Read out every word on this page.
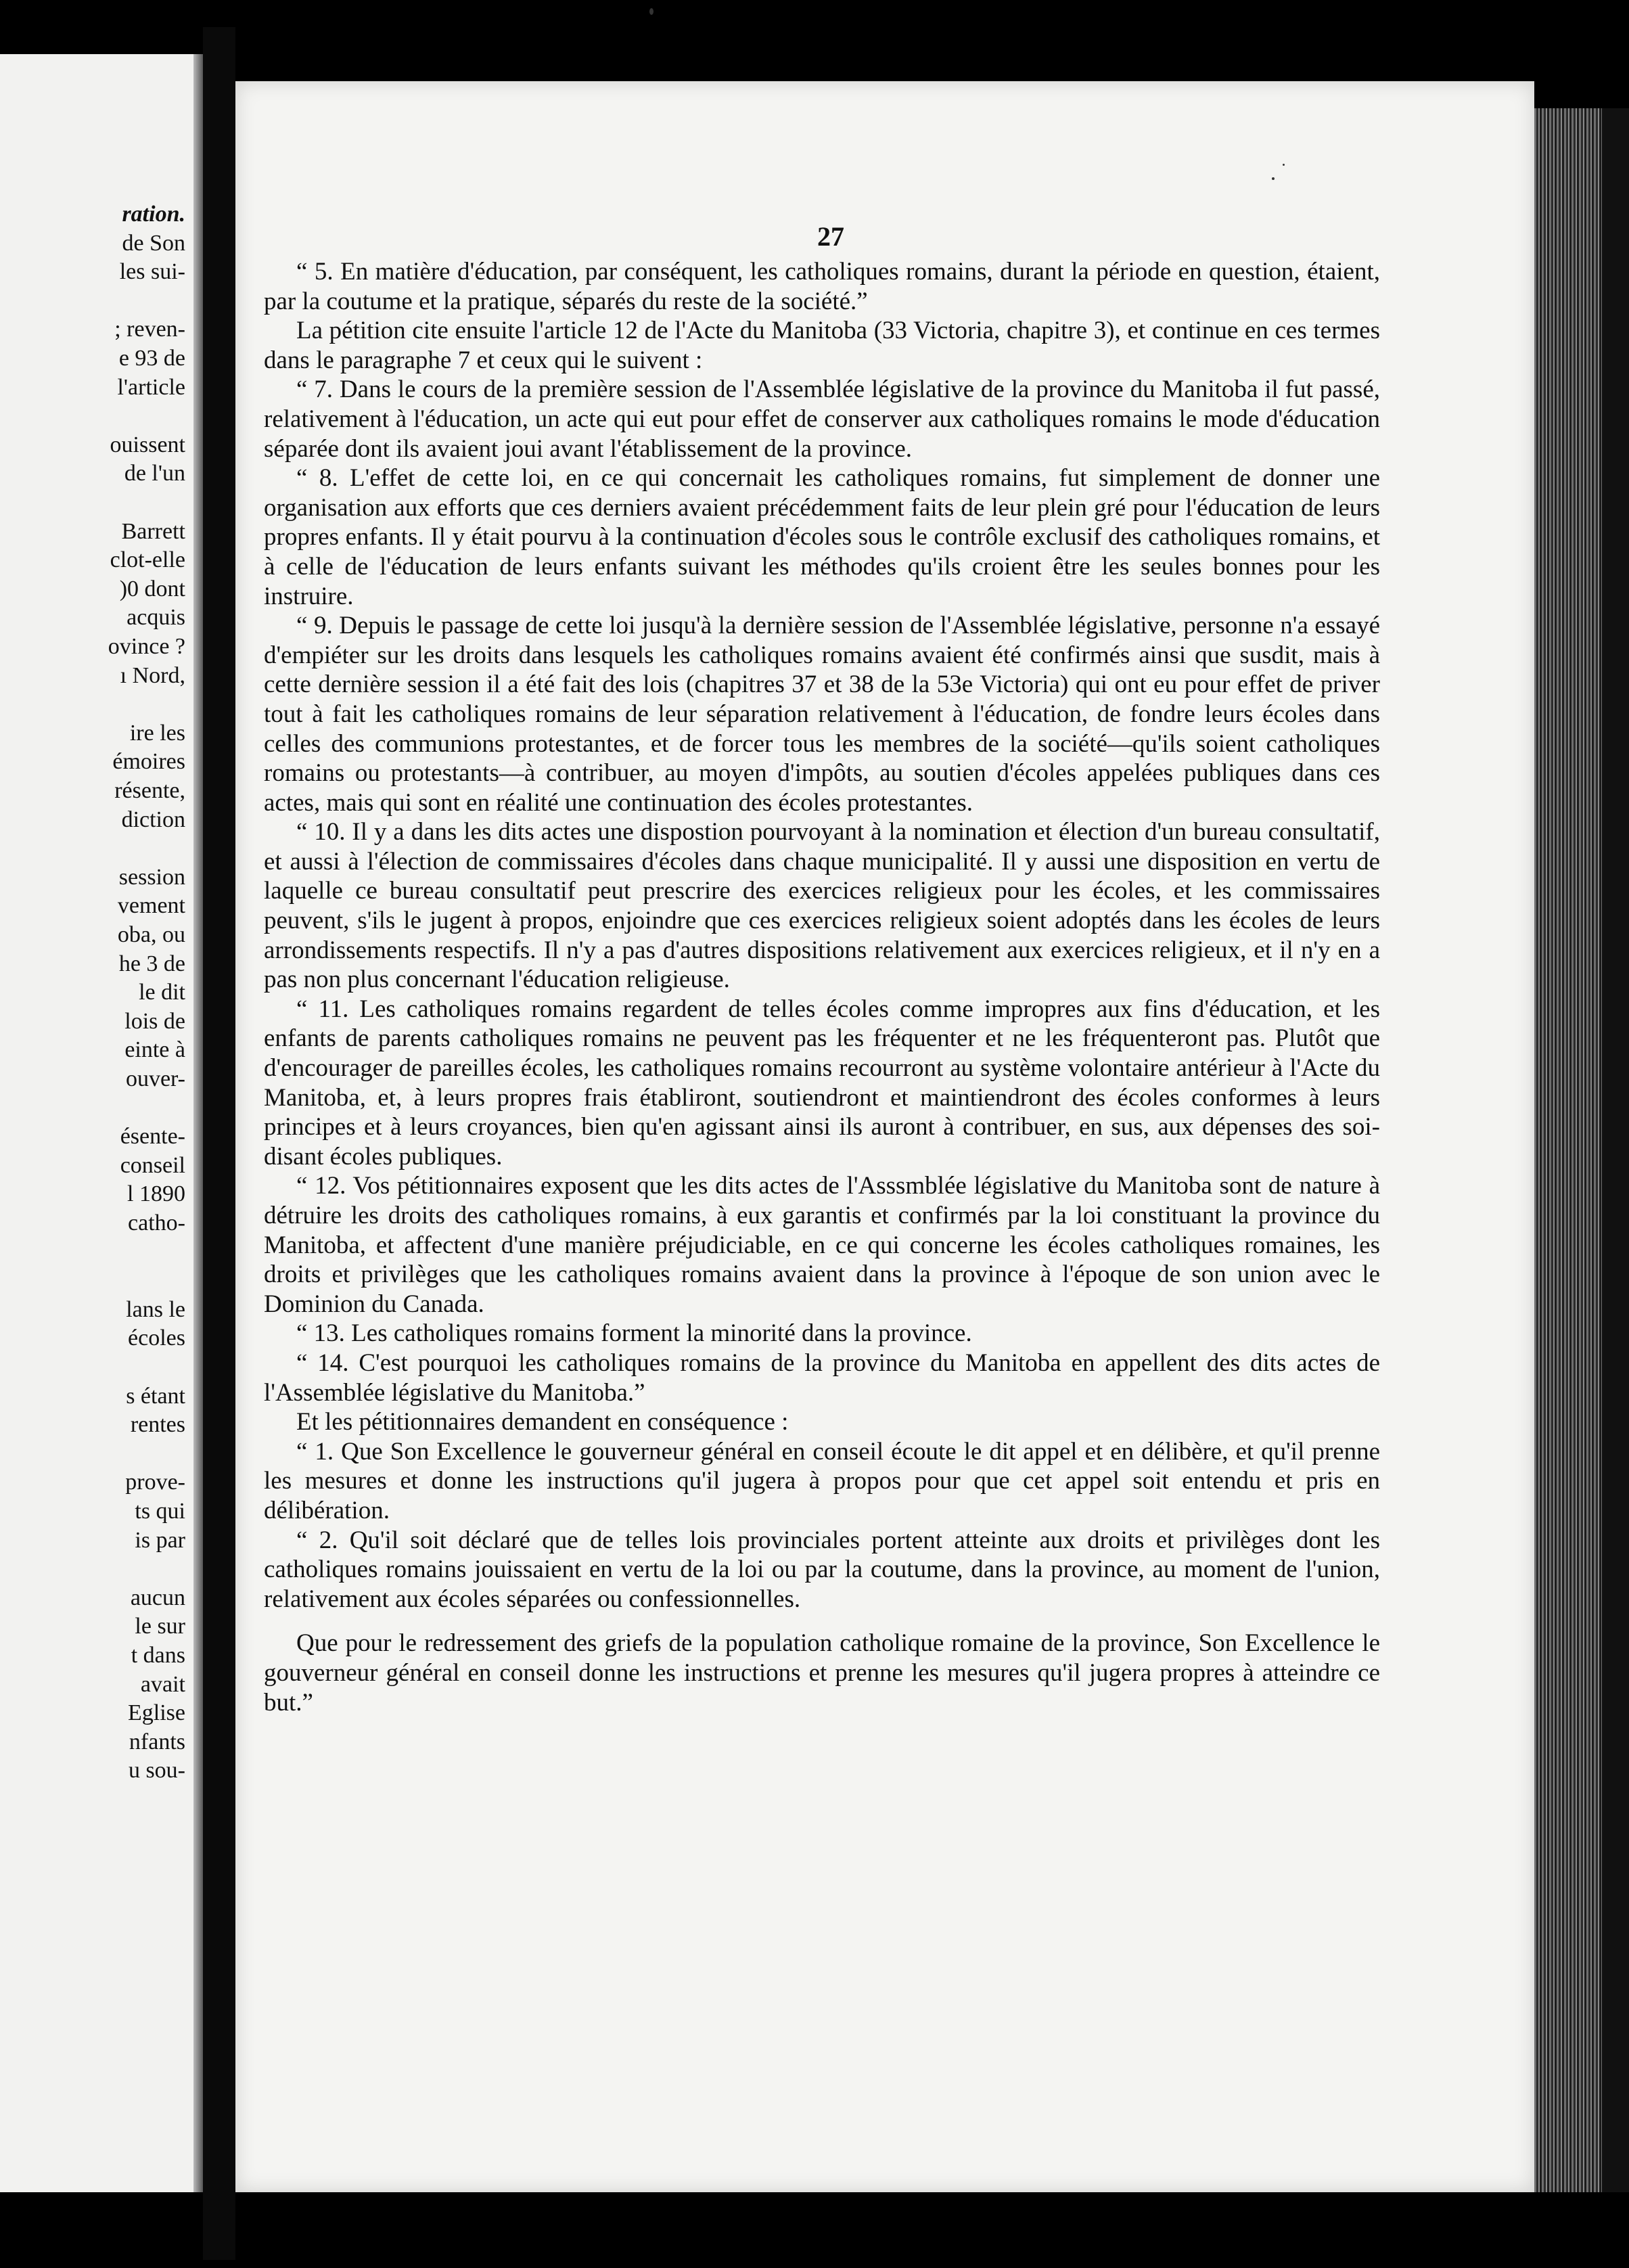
ration.
de Son
les sui-
; reven-
e 93 de
l'article
ouissent
de l'un
Barrett
clot-elle
)0 dont
acquis
ovince ?
ı Nord,
ire les
émoires
résente,
diction
session
vement
oba, ou
he 3 de
le dit
lois de
einte à
ouver-
ésente-
conseil
l 1890
catho-
lans le
écoles
s étant
rentes
prove-
ts qui
is par
aucun
le sur
t dans
avait
Eglise
nfants
u sou-
27

“ 5. En matière d'éducation, par conséquent, les catholiques romains, durant la période en question, étaient, par la coutume et la pratique, séparés du reste de la société.”

La pétition cite ensuite l'article 12 de l'Acte du Manitoba (33 Victoria, chapitre 3), et continue en ces termes dans le paragraphe 7 et ceux qui le suivent :

“ 7. Dans le cours de la première session de l'Assemblée législative de la province du Manitoba il fut passé, relativement à l'éducation, un acte qui eut pour effet de conserver aux catholiques romains le mode d'éducation séparée dont ils avaient joui avant l'établissement de la province.

“ 8. L'effet de cette loi, en ce qui concernait les catholiques romains, fut simplement de donner une organisation aux efforts que ces derniers avaient précédemment faits de leur plein gré pour l'éducation de leurs propres enfants. Il y était pourvu à la continuation d'écoles sous le contrôle exclusif des catholiques romains, et à celle de l'éducation de leurs enfants suivant les méthodes qu'ils croient être les seules bonnes pour les instruire.

“ 9. Depuis le passage de cette loi jusqu'à la dernière session de l'Assemblée législative, personne n'a essayé d'empiéter sur les droits dans lesquels les catholiques romains avaient été confirmés ainsi que susdit, mais à cette dernière session il a été fait des lois (chapitres 37 et 38 de la 53e Victoria) qui ont eu pour effet de priver tout à fait les catholiques romains de leur séparation relativement à l'éducation, de fondre leurs écoles dans celles des communions protestantes, et de forcer tous les membres de la société—qu'ils soient catholiques romains ou protestants—à contribuer, au moyen d'impôts, au soutien d'écoles appelées publiques dans ces actes, mais qui sont en réalité une continuation des écoles protestantes.

“ 10. Il y a dans les dits actes une dispostion pourvoyant à la nomination et élection d'un bureau consultatif, et aussi à l'élection de commissaires d'écoles dans chaque municipalité. Il y aussi une disposition en vertu de laquelle ce bureau consultatif peut prescrire des exercices religieux pour les écoles, et les commissaires peuvent, s'ils le jugent à propos, enjoindre que ces exercices religieux soient adoptés dans les écoles de leurs arrondissements respectifs. Il n'y a pas d'autres dispositions relativement aux exercices religieux, et il n'y en a pas non plus concernant l'éducation religieuse.

“ 11. Les catholiques romains regardent de telles écoles comme impropres aux fins d'éducation, et les enfants de parents catholiques romains ne peuvent pas les fréquenter et ne les fréquenteront pas. Plutôt que d'encourager de pareilles écoles, les catholiques romains recourront au système volontaire antérieur à l'Acte du Manitoba, et, à leurs propres frais établiront, soutiendront et maintiendront des écoles conformes à leurs principes et à leurs croyances, bien qu'en agissant ainsi ils auront à contribuer, en sus, aux dépenses des soi-disant écoles publiques.

“ 12. Vos pétitionnaires exposent que les dits actes de l'Asssmblée législative du Manitoba sont de nature à détruire les droits des catholiques romains, à eux garantis et confirmés par la loi constituant la province du Manitoba, et affectent d'une manière préjudiciable, en ce qui concerne les écoles catholiques romaines, les droits et privilèges que les catholiques romains avaient dans la province à l'époque de son union avec le Dominion du Canada.

“ 13. Les catholiques romains forment la minorité dans la province.

“ 14. C'est pourquoi les catholiques romains de la province du Manitoba en appellent des dits actes de l'Assemblée législative du Manitoba.”

Et les pétitionnaires demandent en conséquence :

“ 1. Que Son Excellence le gouverneur général en conseil écoute le dit appel et en délibère, et qu'il prenne les mesures et donne les instructions qu'il jugera à propos pour que cet appel soit entendu et pris en délibération.

“ 2. Qu'il soit déclaré que de telles lois provinciales portent atteinte aux droits et privilèges dont les catholiques romains jouissaient en vertu de la loi ou par la coutume, dans la province, au moment de l'union, relativement aux écoles séparées ou confessionnelles.

Que pour le redressement des griefs de la population catholique romaine de la province, Son Excellence le gouverneur général en conseil donne les instructions et prenne les mesures qu'il jugera propres à atteindre ce but.”
